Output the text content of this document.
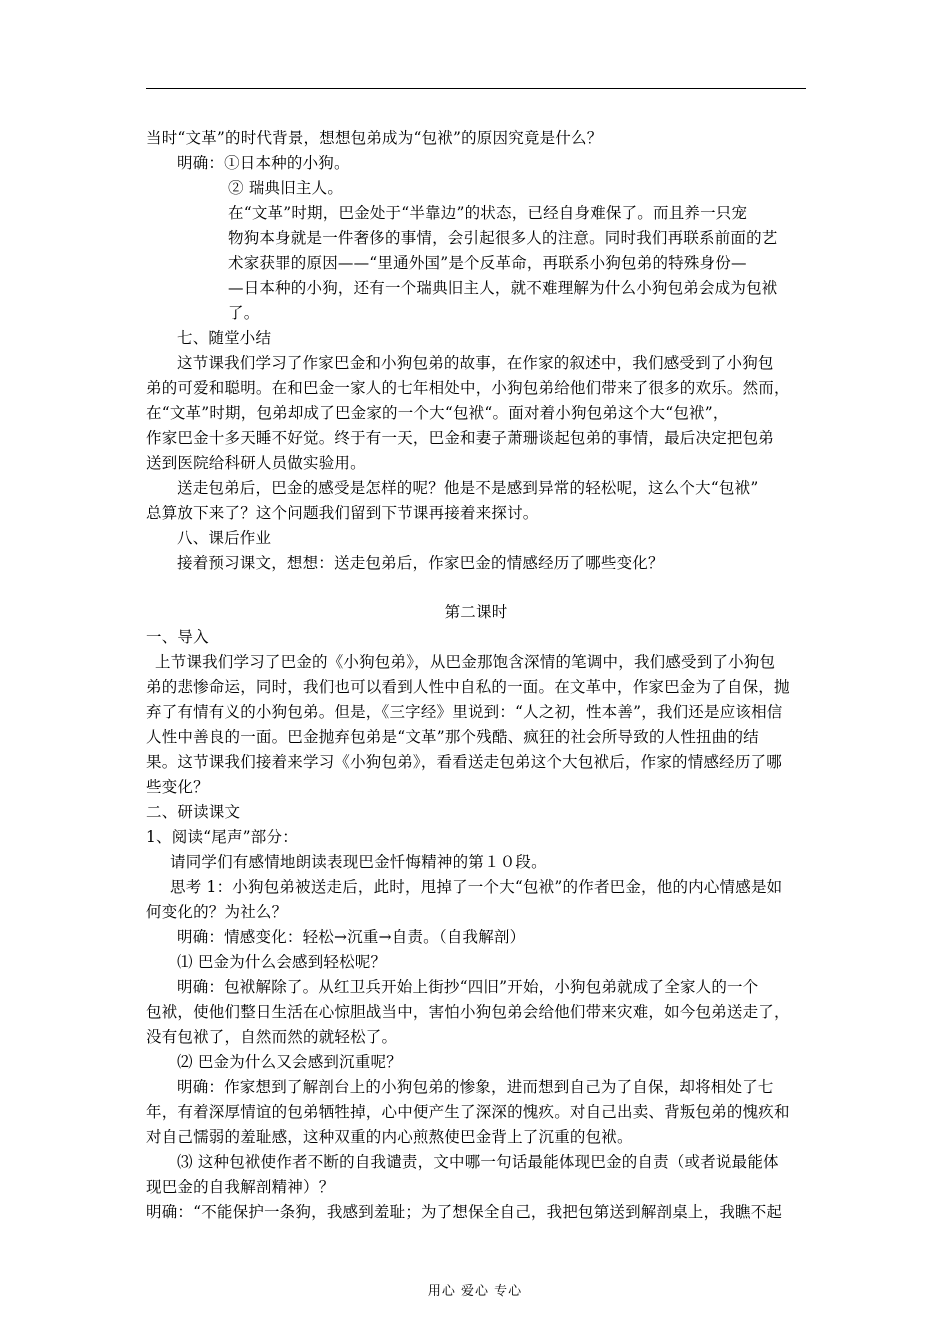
当时“文革”的时代背景，想想包弟成为“包袱”的原因究竟是什么？
明确：①日本种的小狗。
② 瑞典旧主人。
在“文革”时期，巴金处于“半靠边”的状态，已经自身难保了。而且养一只宠
物狗本身就是一件奢侈的事情，会引起很多人的注意。同时我们再联系前面的艺
术家获罪的原因——“里通外国”是个反革命，再联系小狗包弟的特殊身份—
—日本种的小狗，还有一个瑞典旧主人，就不难理解为什么小狗包弟会成为包袱
了。
七、随堂小结
这节课我们学习了作家巴金和小狗包弟的故事，在作家的叙述中，我们感受到了小狗包
弟的可爱和聪明。在和巴金一家人的七年相处中，小狗包弟给他们带来了很多的欢乐。然而，
在“文革”时期，包弟却成了巴金家的一个大“包袱“。面对着小狗包弟这个大“包袱”，
作家巴金十多天睡不好觉。终于有一天，巴金和妻子萧珊谈起包弟的事情，最后决定把包弟
送到医院给科研人员做实验用。
送走包弟后，巴金的感受是怎样的呢？他是不是感到异常的轻松呢，这么个大“包袱”
总算放下来了？这个问题我们留到下节课再接着来探讨。
八、课后作业
接着预习课文，想想：送走包弟后，作家巴金的情感经历了哪些变化？
第二课时
一、导入
上节课我们学习了巴金的《小狗包弟》，从巴金那饱含深情的笔调中，我们感受到了小狗包
弟的悲惨命运，同时，我们也可以看到人性中自私的一面。在文革中，作家巴金为了自保，抛
弃了有情有义的小狗包弟。但是，《三字经》里说到：“人之初，性本善”，我们还是应该相信
人性中善良的一面。巴金抛弃包弟是“文革”那个残酷、疯狂的社会所导致的人性扭曲的结
果。这节课我们接着来学习《小狗包弟》，看看送走包弟这个大包袱后，作家的情感经历了哪
些变化？
二、研读课文
1、阅读“尾声”部分：
请同学们有感情地朗读表现巴金忏悔精神的第１０段。
思考 1：小狗包弟被送走后，此时，甩掉了一个大“包袱”的作者巴金，他的内心情感是如
何变化的？为社么？
明确：情感变化：轻松→沉重→自责。（自我解剖）
⑴ 巴金为什么会感到轻松呢？
明确：包袱解除了。从红卫兵开始上街抄“四旧”开始，小狗包弟就成了全家人的一个
包袱，使他们整日生活在心惊胆战当中，害怕小狗包弟会给他们带来灾难，如今包弟送走了，
没有包袱了，自然而然的就轻松了。
⑵ 巴金为什么又会感到沉重呢？
明确：作家想到了解剖台上的小狗包弟的惨象，进而想到自己为了自保，却将相处了七
年，有着深厚情谊的包弟牺牲掉，心中便产生了深深的愧疚。对自己出卖、背叛包弟的愧疚和
对自己懦弱的羞耻感，这种双重的内心煎熬使巴金背上了沉重的包袱。
⑶ 这种包袱使作者不断的自我谴责，文中哪一句话最能体现巴金的自责（或者说最能体
现巴金的自我解剖精神）？
明确：“不能保护一条狗，我感到羞耻；为了想保全自己，我把包第送到解剖桌上，我瞧不起
用心 爱心 专心
